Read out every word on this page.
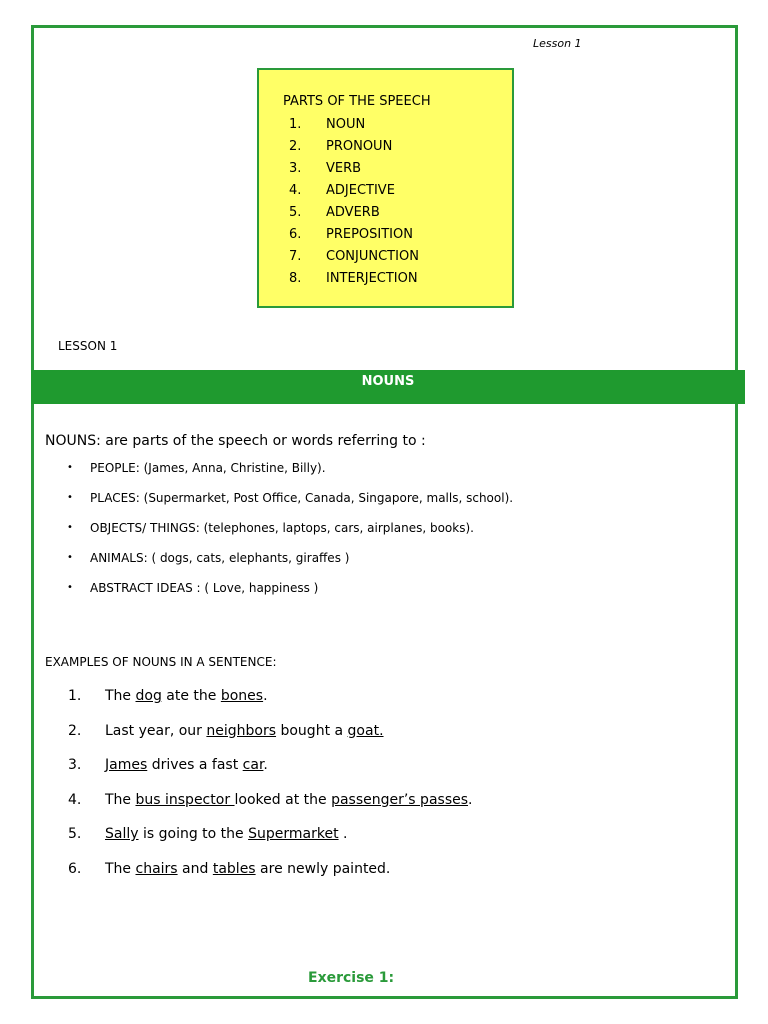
Lesson 1
PARTS OF THE SPEECH
1.	NOUN
2.	PRONOUN
3.	VERB
4.	ADJECTIVE
5.	ADVERB
6.	PREPOSITION
7.	CONJUNCTION
8.	INTERJECTION
LESSON 1
NOUNS
NOUNS: are parts of the speech or words referring to :
•	PEOPLE: (James, Anna, Christine, Billy).
•	PLACES: (Supermarket, Post Office, Canada, Singapore, malls, school).
•	OBJECTS/ THINGS: (telephones, laptops, cars, airplanes, books).
•	ANIMALS: ( dogs, cats, elephants, giraffes )
•	ABSTRACT IDEAS : ( Love, happiness )
EXAMPLES OF NOUNS IN A SENTENCE:
1.	The dog ate the bones.
2.	Last year, our neighbors bought a goat.
3.	James drives a fast car.
4.	The bus inspector looked at the passenger’s passes.
5.	Sally is going to the Supermarket .
6.	The chairs and tables are newly painted.
Exercise 1:
